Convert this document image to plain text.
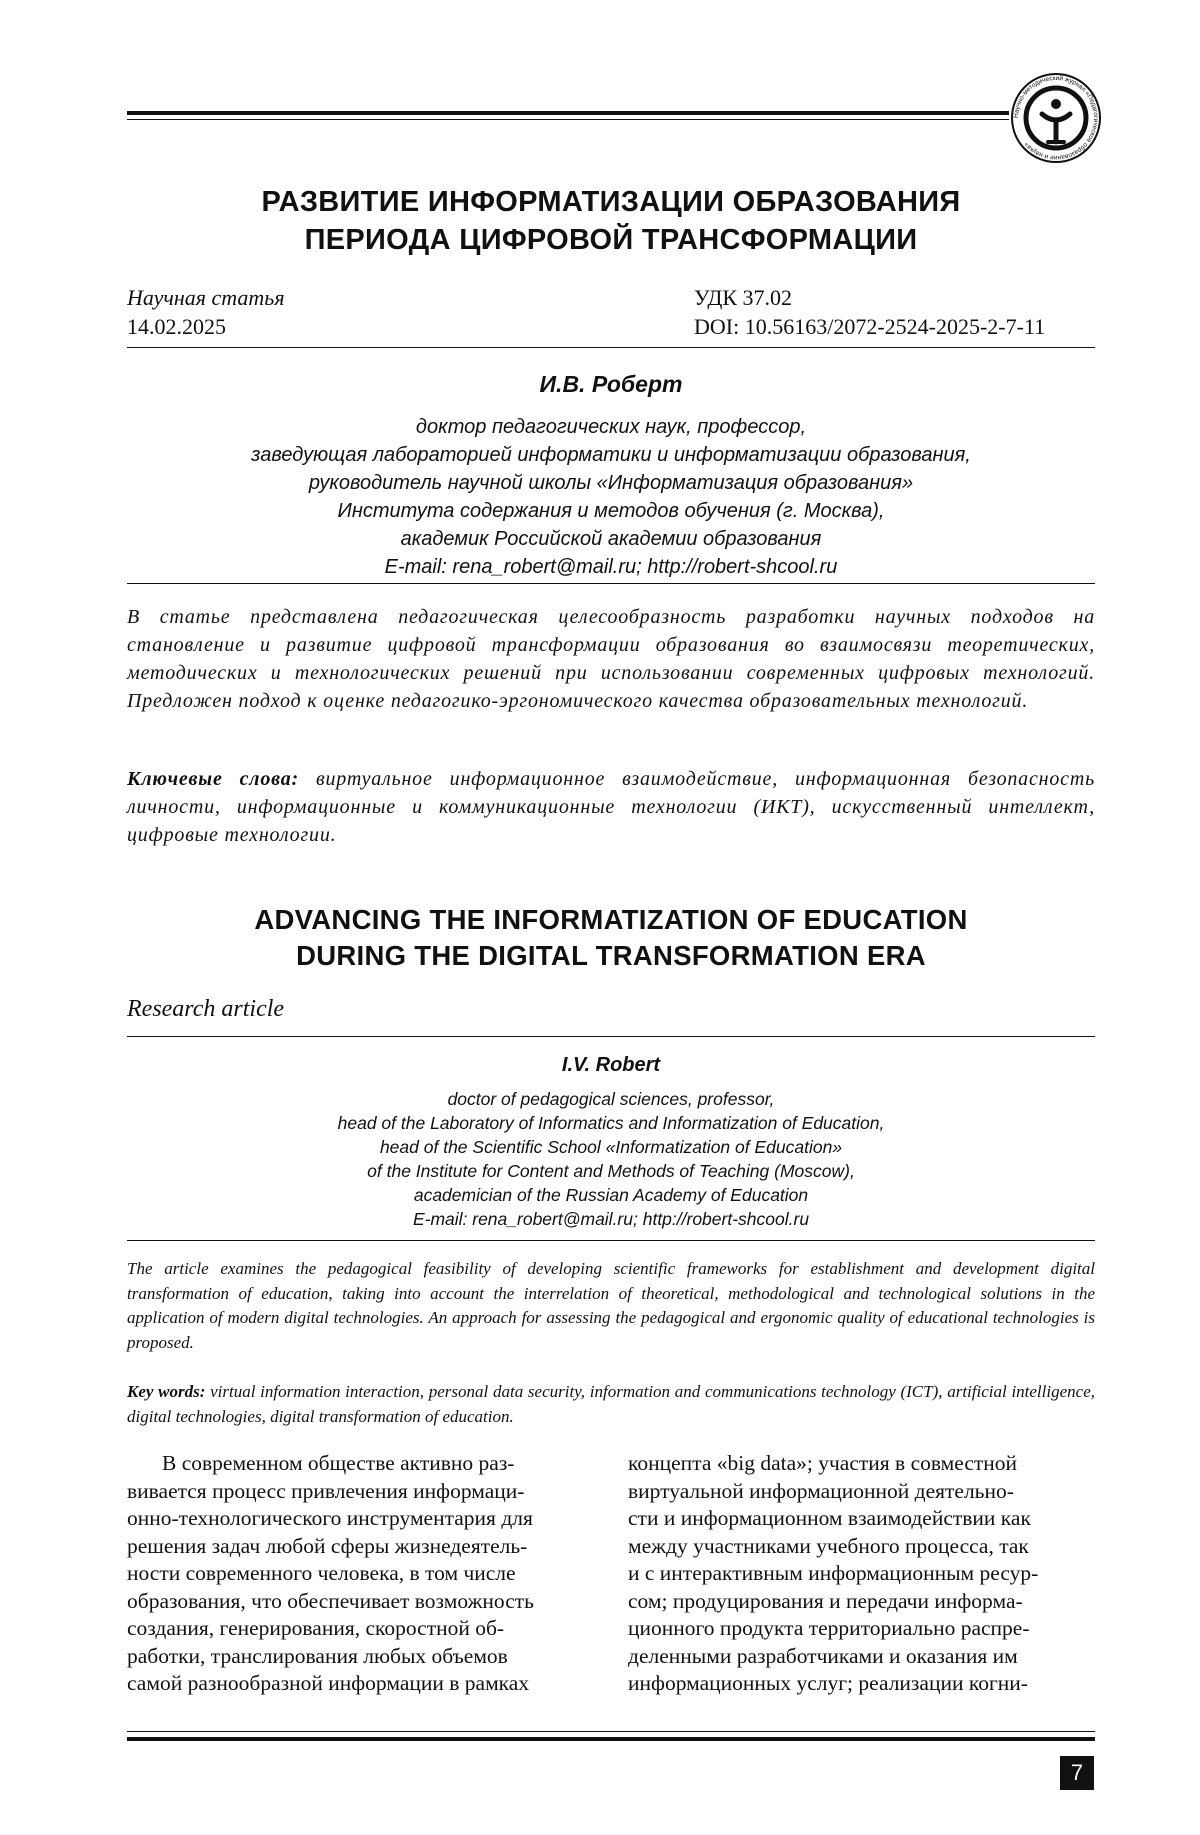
Научно-методический журнал «Педагогическое образование и наука»
РАЗВИТИЕ ИНФОРМАТИЗАЦИИ ОБРАЗОВАНИЯ
ПЕРИОДА ЦИФРОВОЙ ТРАНСФОРМАЦИИ
Научная статья
14.02.2025
УДК 37.02
DOI: 10.56163/2072-2524-2025-2-7-11
И.В. Роберт
доктор педагогических наук, профессор,
заведующая лабораторией информатики и информатизации образования,
руководитель научной школы «Информатизация образования»
Института содержания и методов обучения (г. Москва),
академик Российской академии образования
E-mail: rena_robert@mail.ru; http://robert-shcool.ru
В статье представлена педагогическая целесообразность разработки научных подходов на становление и развитие цифровой трансформации образования во взаимосвязи теоретических, методических и технологических решений при использовании современных цифровых технологий. Предложен подход к оценке педагогико-эргономического качества образовательных технологий.
Ключевые слова: виртуальное информационное взаимодействие, информационная безопасность личности, информационные и коммуникационные технологии (ИКТ), искусственный интеллект, цифровые технологии.
ADVANCING THE INFORMATIZATION OF EDUCATION
DURING THE DIGITAL TRANSFORMATION ERA
Research article
I.V. Robert
doctor of pedagogical sciences, professor,
head of the Laboratory of Informatics and Informatization of Education,
head of the Scientific School «Informatization of Education»
of the Institute for Content and Methods of Teaching (Moscow),
academician of the Russian Academy of Education
E-mail: rena_robert@mail.ru; http://robert-shcool.ru
The article examines the pedagogical feasibility of developing scientific frameworks for establishment and development digital transformation of education, taking into account the interrelation of theoretical, methodological and technological solutions in the application of modern digital technologies. An approach for assessing the pedagogical and ergonomic quality of educational technologies is proposed.
Key words: virtual information interaction, personal data security, information and communications technology (ICT), artificial intelligence, digital technologies, digital transformation of education.
В современном обществе активно раз-
вивается процесс привлечения информаци-
онно-технологического инструментария для
решения задач любой сферы жизнедеятель-
ности современного человека, в том числе
образования, что обеспечивает возможность
создания, генерирования, скоростной об-
работки, транслирования любых объемов
самой разнообразной информации в рамках
концепта «big data»; участия в совместной
виртуальной информационной деятельно-
сти и информационном взаимодействии как
между участниками учебного процесса, так
и с интерактивным информационным ресур-
сом; продуцирования и передачи информа-
ционного продукта территориально распре-
деленными разработчиками и оказания им
информационных услуг; реализации когни-
7
